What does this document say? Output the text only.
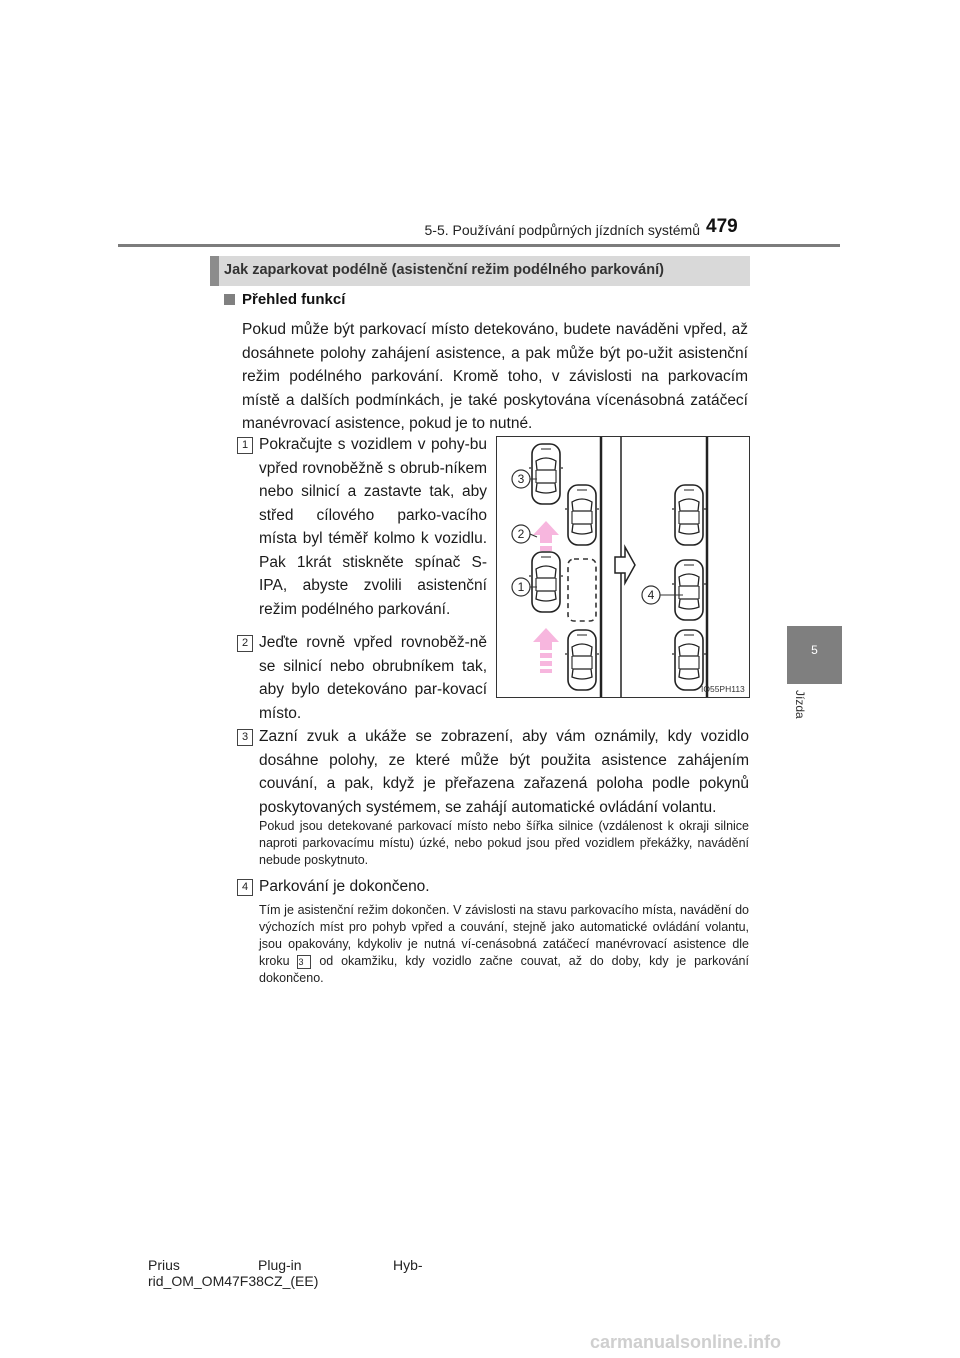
5-5. Používání podpůrných jízdních systémů 479
5
Jízda
Jak zaparkovat podélně (asistenční režim podélného parkování)
Přehled funkcí
Pokud může být parkovací místo detekováno, budete naváděni vpřed, až dosáhnete polohy zahájení asistence, a pak může být po-užit asistenční režim podélného parkování. Kromě toho, v závislosti na parkovacím místě a dalších podmínkách, je také poskytována vícenásobná zatáčecí manévrovací asistence, pokud je to nutné.
1 Pokračujte s vozidlem v pohy-bu vpřed rovnoběžně s obrub-níkem nebo silnicí a zastavte tak, aby střed cílového parko-vacího místa byl téměř kolmo k vozidlu. Pak 1krát stiskněte spínač S-IPA, abyste zvolili asistenční režim podélného parkování.
2 Jeďte rovně vpřed rovnoběž-ně se silnicí nebo obrubníkem tak, aby bylo detekováno par-kovací místo.
3 Zazní zvuk a ukáže se zobrazení, aby vám oznámily, kdy vozidlo dosáhne polohy, ze které může být použita asistence zahájením couvání, a pak, když je přeřazena zařazená poloha podle pokynů poskytovaných systémem, se zahájí automatické ovládání volantu.
Pokud jsou detekované parkovací místo nebo šířka silnice (vzdálenost k okraji silnice naproti parkovacímu místu) úzké, nebo pokud jsou před vozidlem překážky, navádění nebude poskytnuto.
4 Parkování je dokončeno.
Tím je asistenční režim dokončen. V závislosti na stavu parkovacího místa, navádění do výchozích míst pro pohyb vpřed a couvání, stejně jako automatické ovládání volantu, jsou opakovány, kdykoliv je nutná ví-cenásobná zatáčecí manévrovací asistence dle kroku 3 od okamžiku, kdy vozidlo začne couvat, až do doby, kdy je parkování dokončeno.
3
2
1
4
IO55PH113
Prius	Plug-in	Hyb-
rid_OM_OM47F38CZ_(EE)
carmanualsonline.info
